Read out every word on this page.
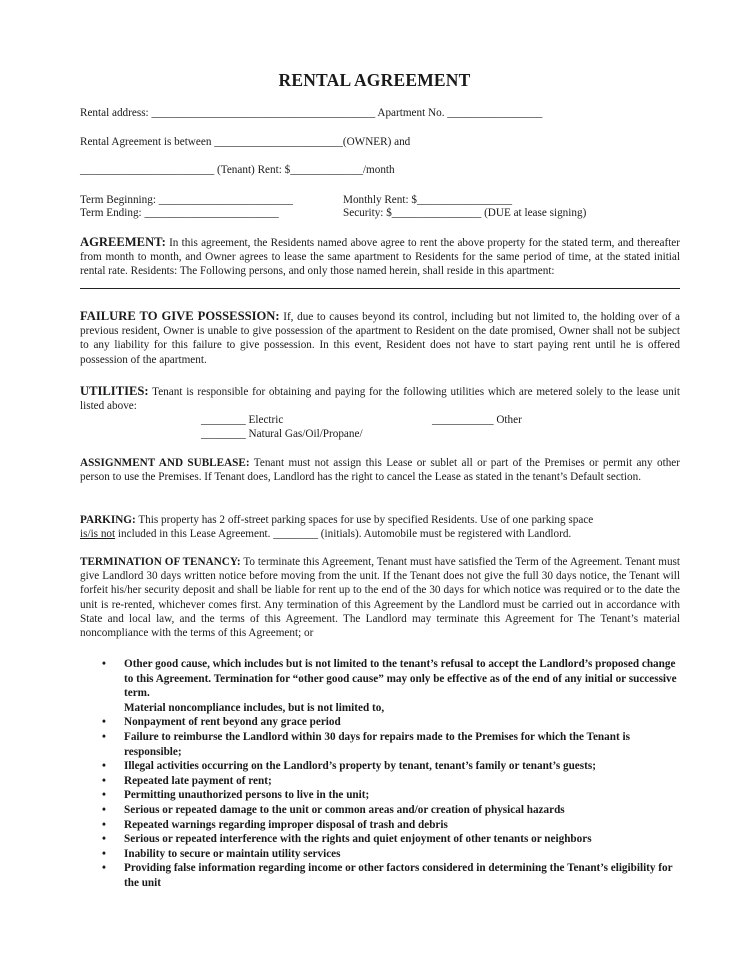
RENTAL AGREEMENT
Rental address: ________________________________________ Apartment No. _________________
Rental Agreement is between _______________________(OWNER) and
________________________ (Tenant) Rent: $_____________/month
Term Beginning: ________________________
Term Ending: ________________________
Monthly Rent: $_________________
Security: $________________ (DUE at lease signing)
AGREEMENT: In this agreement, the Residents named above agree to rent the above property for the stated term, and thereafter from month to month, and Owner agrees to lease the same apartment to Residents for the same period of time, at the stated initial rental rate. Residents: The Following persons, and only those named herein, shall reside in this apartment:
FAILURE TO GIVE POSSESSION: If, due to causes beyond its control, including but not limited to, the holding over of a previous resident, Owner is unable to give possession of the apartment to Resident on the date promised, Owner shall not be subject to any liability for this failure to give possession. In this event, Resident does not have to start paying rent until he is offered possession of the apartment.
UTILITIES: Tenant is responsible for obtaining and paying for the following utilities which are metered solely to the lease unit listed above:
________ Electric	___________ Other
________ Natural Gas/Oil/Propane/
ASSIGNMENT AND SUBLEASE: Tenant must not assign this Lease or sublet all or part of the Premises or permit any other person to use the Premises. If Tenant does, Landlord has the right to cancel the Lease as stated in the tenant’s Default section.
PARKING: This property has 2 off-street parking spaces for use by specified Residents. Use of one parking space
is/is not included in this Lease Agreement. ________ (initials). Automobile must be registered with Landlord.
TERMINATION OF TENANCY: To terminate this Agreement, Tenant must have satisfied the Term of the Agreement. Tenant must give Landlord 30 days written notice before moving from the unit. If the Tenant does not give the full 30 days notice, the Tenant will forfeit his/her security deposit and shall be liable for rent up to the end of the 30 days for which notice was required or to the date the unit is re-rented, whichever comes first. Any termination of this Agreement by the Landlord must be carried out in accordance with State and local law, and the terms of this Agreement. The Landlord may terminate this Agreement for The Tenant’s material noncompliance with the terms of this Agreement; or
• Other good cause, which includes but is not limited to the tenant’s refusal to accept the Landlord’s proposed change to this Agreement. Termination for “other good cause” may only be effective as of the end of any initial or successive term.
Material noncompliance includes, but is not limited to,
• Nonpayment of rent beyond any grace period
• Failure to reimburse the Landlord within 30 days for repairs made to the Premises for which the Tenant is responsible;
• Illegal activities occurring on the Landlord’s property by tenant, tenant’s family or tenant’s guests;
• Repeated late payment of rent;
• Permitting unauthorized persons to live in the unit;
• Serious or repeated damage to the unit or common areas and/or creation of physical hazards
• Repeated warnings regarding improper disposal of trash and debris
• Serious or repeated interference with the rights and quiet enjoyment of other tenants or neighbors
• Inability to secure or maintain utility services
• Providing false information regarding income or other factors considered in determining the Tenant’s eligibility for the unit
